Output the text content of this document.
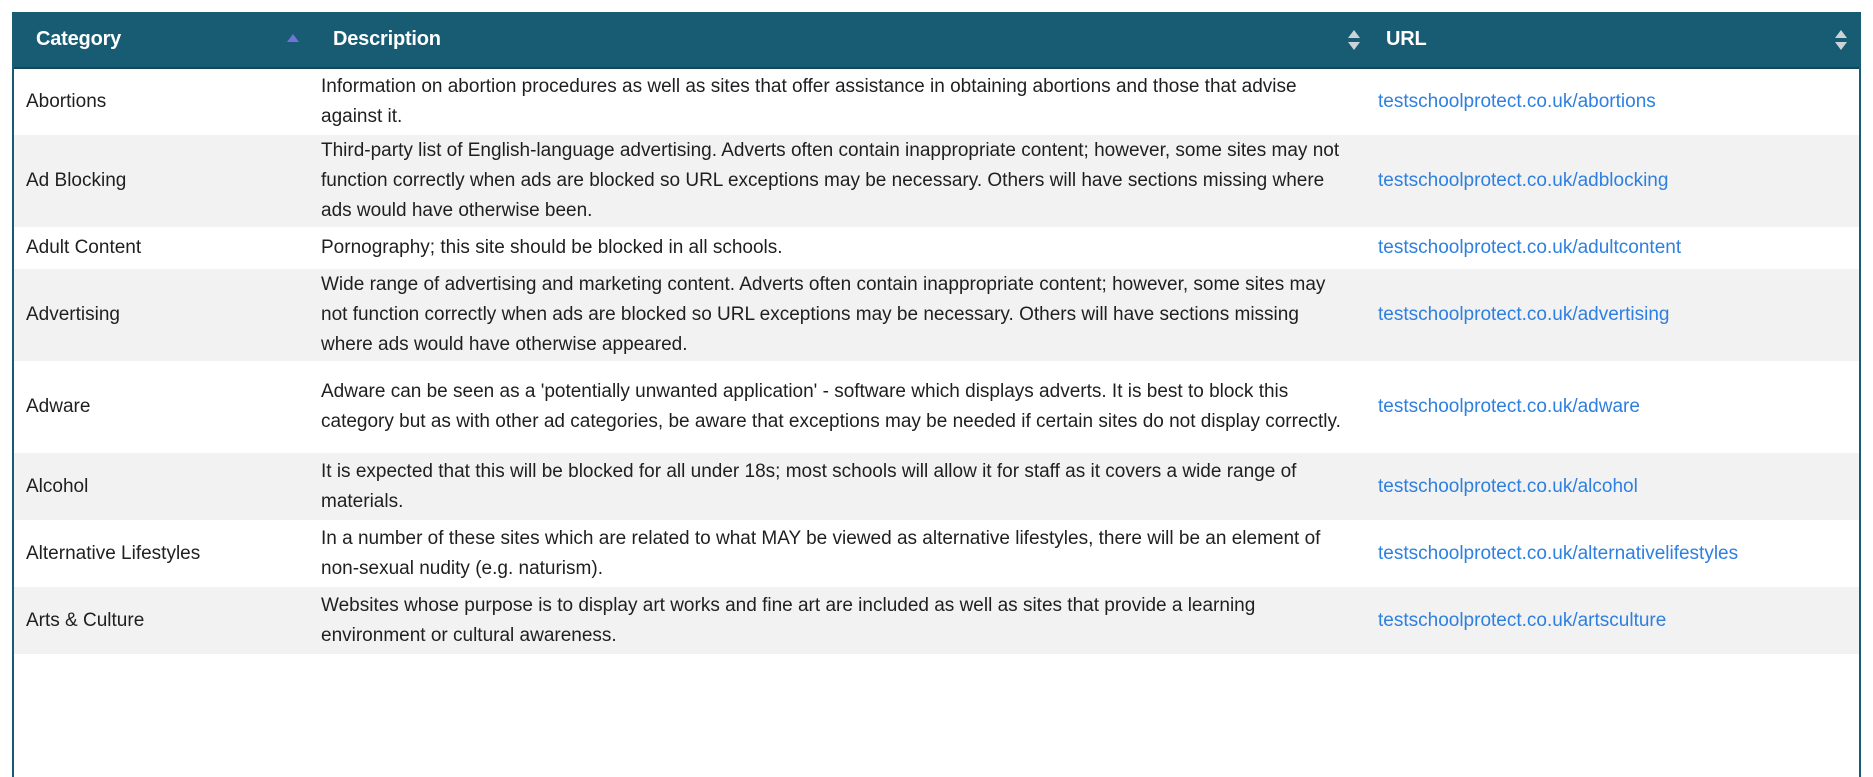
Category	Description	URL

Abortions	Information on abortion procedures as well as sites that offer assistance in obtaining abortions and those that advise against it.	testschoolprotect.co.uk/abortions
Ad Blocking	Third-party list of English-language advertising. Adverts often contain inappropriate content; however, some sites may not function correctly when ads are blocked so URL exceptions may be necessary. Others will have sections missing where ads would have otherwise been.	testschoolprotect.co.uk/adblocking
Adult Content	Pornography; this site should be blocked in all schools.	testschoolprotect.co.uk/adultcontent
Advertising	Wide range of advertising and marketing content. Adverts often contain inappropriate content; however, some sites may not function correctly when ads are blocked so URL exceptions may be necessary. Others will have sections missing where ads would have otherwise appeared.	testschoolprotect.co.uk/advertising
Adware	Adware can be seen as a 'potentially unwanted application' - software which displays adverts. It is best to block this category but as with other ad categories, be aware that exceptions may be needed if certain sites do not display correctly.	testschoolprotect.co.uk/adware
Alcohol	It is expected that this will be blocked for all under 18s; most schools will allow it for staff as it covers a wide range of materials.	testschoolprotect.co.uk/alcohol
Alternative Lifestyles	In a number of these sites which are related to what MAY be viewed as alternative lifestyles, there will be an element of non-sexual nudity (e.g. naturism).	testschoolprotect.co.uk/alternativelifestyles
Arts & Culture	Websites whose purpose is to display art works and fine art are included as well as sites that provide a learning environment or cultural awareness.	testschoolprotect.co.uk/artsculture
